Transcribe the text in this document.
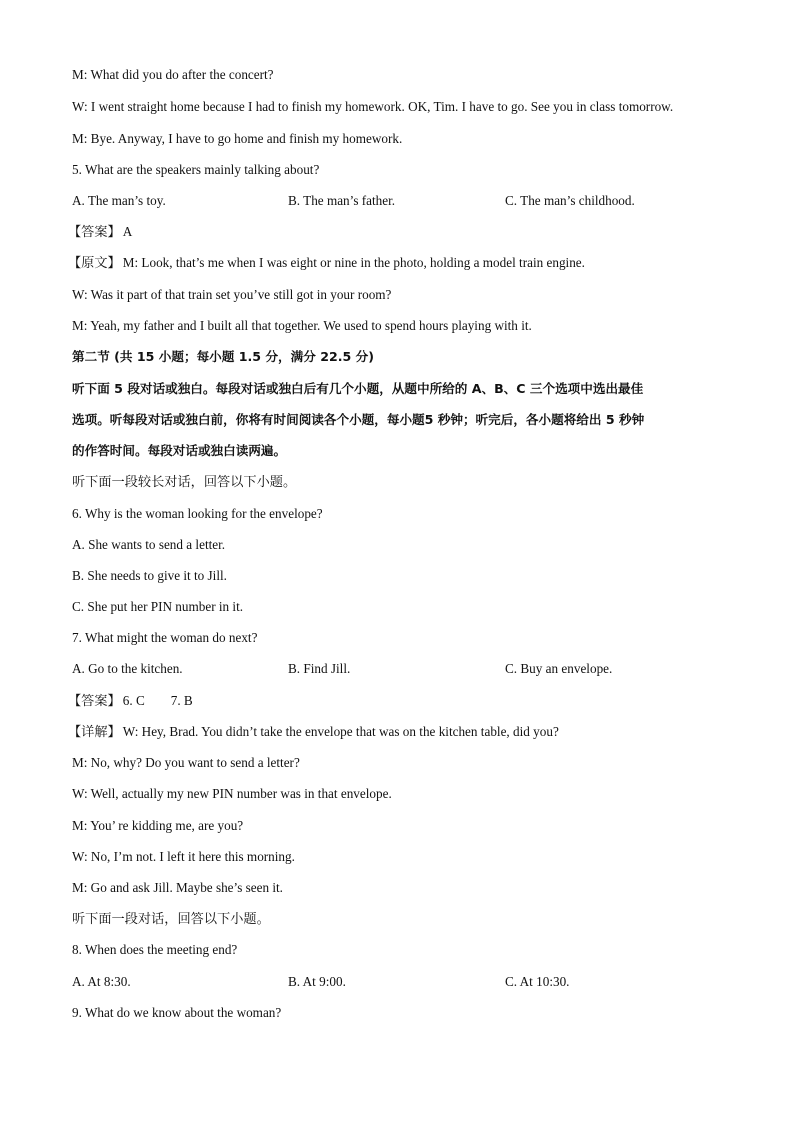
M: What did you do after the concert?
W: I went straight home because I had to finish my homework. OK, Tim. I have to go. See you in class tomorrow.
M: Bye. Anyway, I have to go home and finish my homework.
5. What are the speakers mainly talking about?
A. The man’s toy.	B. The man’s father.	C. The man’s childhood.
【答案】 A
【原文】 M: Look, that’s me when I was eight or nine in the photo, holding a model train engine.
W: Was it part of that train set you’ve still got in your room?
M: Yeah, my father and I built all that together. We used to spend hours playing with it.
第二节 (共 15 小题；每小题 1.5 分，满分 22.5 分)
听下面 5 段对话或独白。每段对话或独白后有几个小题，从题中所给的 A、B、C 三个选项中选出最佳
选项。听每段对话或独白前，你将有时间阅读各个小题，每小题5 秒钟；听完后，各小题将给出 5 秒钟
的作答时间。每段对话或独白读两遍。
听下面一段较长对话，回答以下小题。
6. Why is the woman looking for the envelope?
A. She wants to send a letter.
B. She needs to give it to Jill.
C. She put her PIN number in it.
7. What might the woman do next?
A. Go to the kitchen.	B. Find Jill.	C. Buy an envelope.
【答案】 6. C 7. B
【详解】 W: Hey, Brad. You didn’t take the envelope that was on the kitchen table, did you?
M: No, why? Do you want to send a letter?
W: Well, actually my new PIN number was in that envelope.
M: You’ re kidding me, are you?
W: No, I’m not. I left it here this morning.
M: Go and ask Jill. Maybe she’s seen it.
听下面一段对话，回答以下小题。
8. When does the meeting end?
A. At 8:30.	B. At 9:00.	C. At 10:30.
9. What do we know about the woman?
